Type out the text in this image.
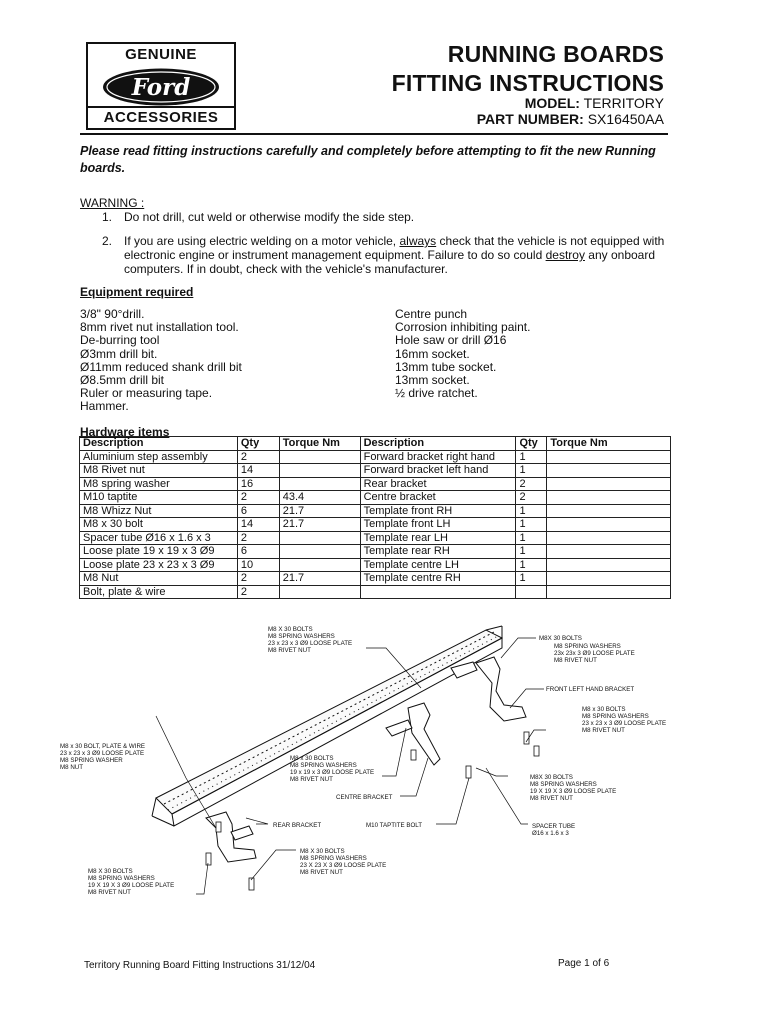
GENUINE
Ford
ACCESSORIES
RUNNING BOARDS
FITTING INSTRUCTIONS
MODEL: TERRITORY
PART NUMBER: SX16450AA
Please read fitting instructions carefully and completely before attempting to fit the new Running boards.
WARNING :
1. Do not drill, cut weld or otherwise modify the side step.
2. If you are using electric welding on a motor vehicle, always check that the vehicle is not equipped with electronic engine or instrument management equipment. Failure to do so could destroy any onboard computers. If in doubt, check with the vehicle's manufacturer.
Equipment required
3/8" 90°drill.
8mm rivet nut installation tool.
De-burring tool
Ø3mm drill bit.
Ø11mm reduced shank drill bit
Ø8.5mm drill bit
Ruler or measuring tape.
Hammer.
Centre punch
Corrosion inhibiting paint.
Hole saw or drill Ø16
16mm socket.
13mm tube socket.
13mm socket.
½ drive ratchet.
Hardware items
Description	Qty	Torque Nm	Description	Qty	Torque Nm
Aluminium step assembly	2		Forward bracket right hand	1	
M8 Rivet nut	14		Forward bracket left hand	1	
M8 spring washer	16		Rear bracket	2	
M10 taptite	2	43.4	Centre bracket	2	
M8 Whizz Nut	6	21.7	Template front RH	1	
M8 x 30 bolt	14	21.7	Template front LH	1	
Spacer tube Ø16 x 1.6 x 3	2		Template rear LH	1	
Loose plate 19 x 19 x 3 Ø9	6		Template rear RH	1	
Loose plate 23 x 23 x 3 Ø9	10		Template centre LH	1	
M8 Nut	2	21.7	Template centre RH	1	
Bolt, plate & wire	2				
M8 X 30 BOLTS
M8 SPRING WASHERS
23 x 23 x 3 Ø9 LOOSE PLATE
M8 RIVET NUT
M8X 30 BOLTS
M8 SPRING WASHERS
23x 23x 3 Ø9 LOOSE PLATE
M8 RIVET NUT
FRONT LEFT HAND BRACKET
M8 x 30 BOLTS
M8 SPRING WASHERS
23 x 23 x 3 Ø9 LOOSE PLATE
M8 RIVET NUT
M8 x 30 BOLT, PLATE & WIRE
23 x 23 x 3 Ø9 LOOSE PLATE
M8 SPRING WASHER
M8 NUT
M8 x 30 BOLTS
M8 SPRING WASHERS
19 x 19 x 3 Ø9 LOOSE PLATE
M8 RIVET NUT	M8X 30 BOLTS
M8 SPRING WASHERS
19 X 19 X 3 Ø9 LOOSE PLATE
M8 RIVET NUT
CENTRE BRACKET
REAR BRACKET	M10 TAPTITE BOLT	SPACER TUBE
Ø16 x 1.6 x 3
M8 X 30 BOLTS
M8 SPRING WASHERS
23 X 23 X 3 Ø9 LOOSE PLATE
M8 RIVET NUT
M8 X 30 BOLTS
M8 SPRING WASHERS
19 X 19 X 3 Ø9 LOOSE PLATE
M8 RIVET NUT
Territory Running Board Fitting Instructions 31/12/04	Page 1 of 6
